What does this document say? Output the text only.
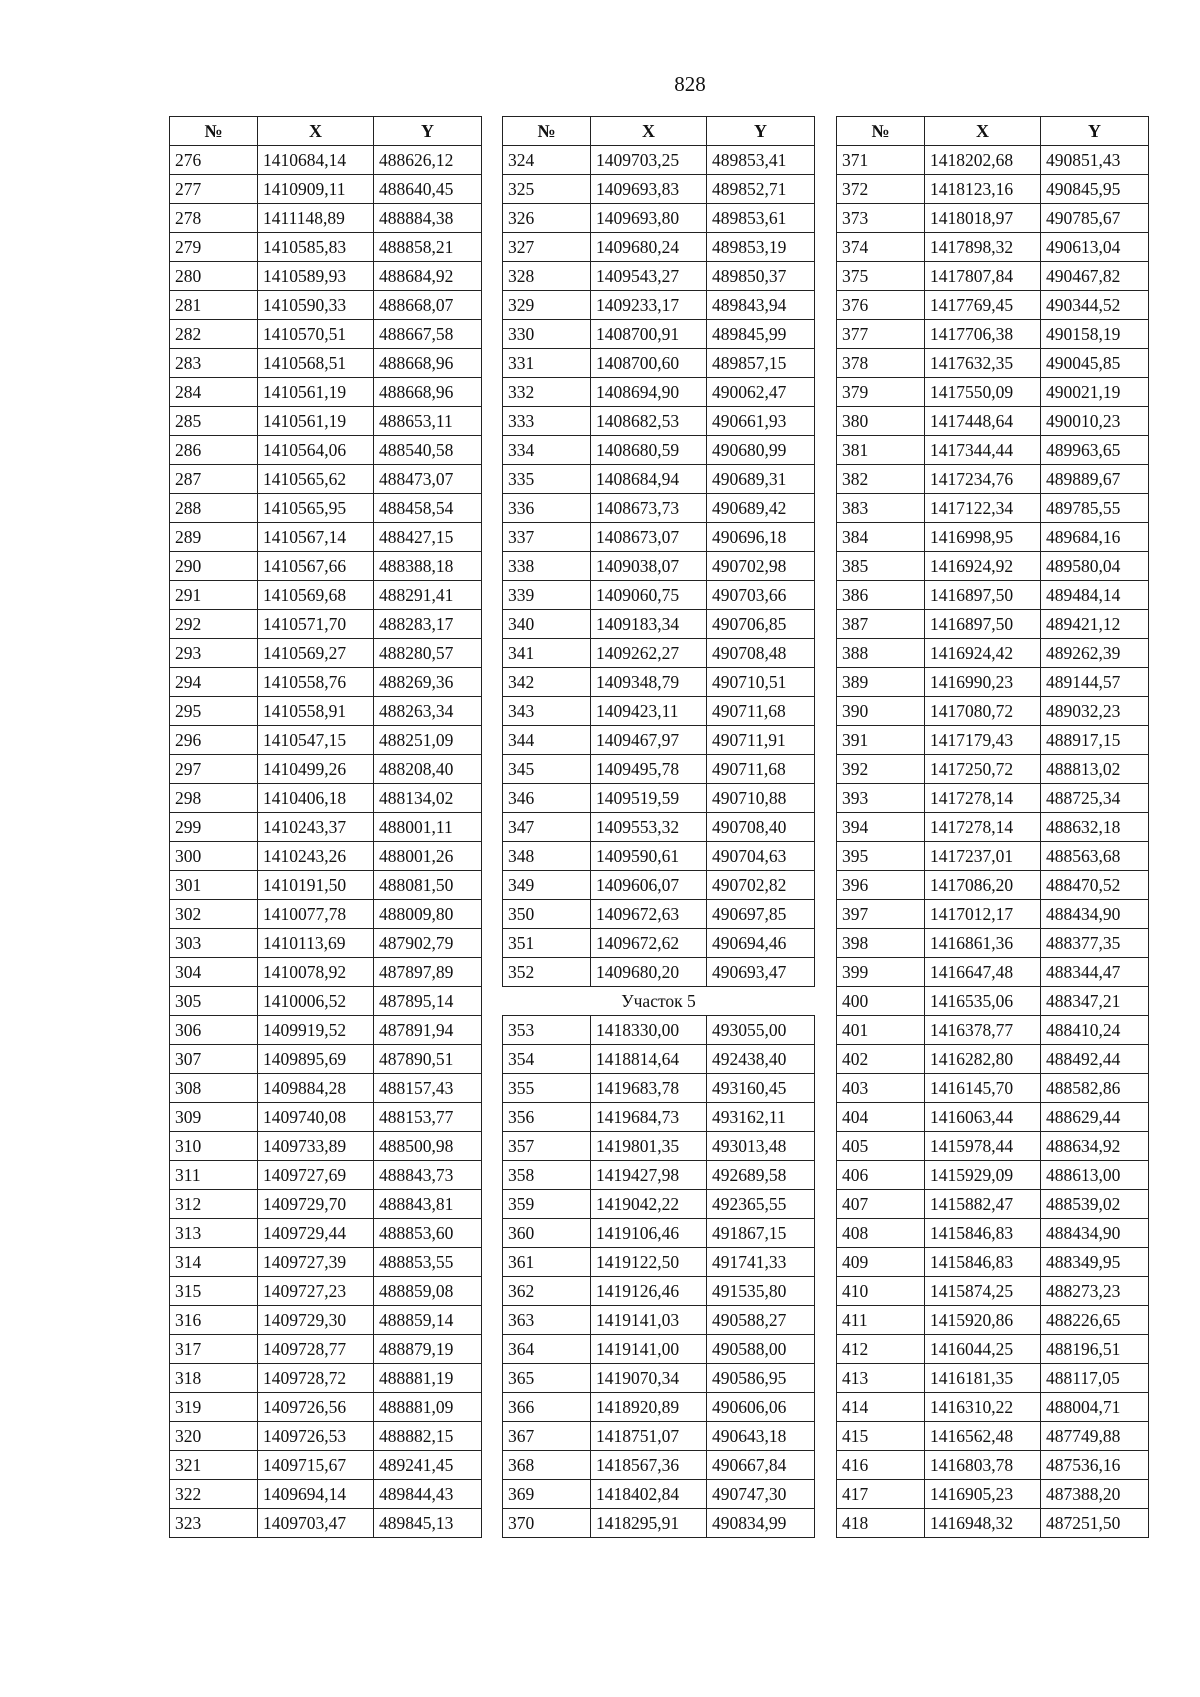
828
№	X	Y
276	1410684,14	488626,12
277	1410909,11	488640,45
278	1411148,89	488884,38
279	1410585,83	488858,21
280	1410589,93	488684,92
281	1410590,33	488668,07
282	1410570,51	488667,58
283	1410568,51	488668,96
284	1410561,19	488668,96
285	1410561,19	488653,11
286	1410564,06	488540,58
287	1410565,62	488473,07
288	1410565,95	488458,54
289	1410567,14	488427,15
290	1410567,66	488388,18
291	1410569,68	488291,41
292	1410571,70	488283,17
293	1410569,27	488280,57
294	1410558,76	488269,36
295	1410558,91	488263,34
296	1410547,15	488251,09
297	1410499,26	488208,40
298	1410406,18	488134,02
299	1410243,37	488001,11
300	1410243,26	488001,26
301	1410191,50	488081,50
302	1410077,78	488009,80
303	1410113,69	487902,79
304	1410078,92	487897,89
305	1410006,52	487895,14
306	1409919,52	487891,94
307	1409895,69	487890,51
308	1409884,28	488157,43
309	1409740,08	488153,77
310	1409733,89	488500,98
311	1409727,69	488843,73
312	1409729,70	488843,81
313	1409729,44	488853,60
314	1409727,39	488853,55
315	1409727,23	488859,08
316	1409729,30	488859,14
317	1409728,77	488879,19
318	1409728,72	488881,19
319	1409726,56	488881,09
320	1409726,53	488882,15
321	1409715,67	489241,45
322	1409694,14	489844,43
323	1409703,47	489845,13
№	X	Y
324	1409703,25	489853,41
325	1409693,83	489852,71
326	1409693,80	489853,61
327	1409680,24	489853,19
328	1409543,27	489850,37
329	1409233,17	489843,94
330	1408700,91	489845,99
331	1408700,60	489857,15
332	1408694,90	490062,47
333	1408682,53	490661,93
334	1408680,59	490680,99
335	1408684,94	490689,31
336	1408673,73	490689,42
337	1408673,07	490696,18
338	1409038,07	490702,98
339	1409060,75	490703,66
340	1409183,34	490706,85
341	1409262,27	490708,48
342	1409348,79	490710,51
343	1409423,11	490711,68
344	1409467,97	490711,91
345	1409495,78	490711,68
346	1409519,59	490710,88
347	1409553,32	490708,40
348	1409590,61	490704,63
349	1409606,07	490702,82
350	1409672,63	490697,85
351	1409672,62	490694,46
352	1409680,20	490693,47
Участок 5		
353	1418330,00	493055,00
354	1418814,64	492438,40
355	1419683,78	493160,45
356	1419684,73	493162,11
357	1419801,35	493013,48
358	1419427,98	492689,58
359	1419042,22	492365,55
360	1419106,46	491867,15
361	1419122,50	491741,33
362	1419126,46	491535,80
363	1419141,03	490588,27
364	1419141,00	490588,00
365	1419070,34	490586,95
366	1418920,89	490606,06
367	1418751,07	490643,18
368	1418567,36	490667,84
369	1418402,84	490747,30
370	1418295,91	490834,99
№	X	Y
371	1418202,68	490851,43
372	1418123,16	490845,95
373	1418018,97	490785,67
374	1417898,32	490613,04
375	1417807,84	490467,82
376	1417769,45	490344,52
377	1417706,38	490158,19
378	1417632,35	490045,85
379	1417550,09	490021,19
380	1417448,64	490010,23
381	1417344,44	489963,65
382	1417234,76	489889,67
383	1417122,34	489785,55
384	1416998,95	489684,16
385	1416924,92	489580,04
386	1416897,50	489484,14
387	1416897,50	489421,12
388	1416924,42	489262,39
389	1416990,23	489144,57
390	1417080,72	489032,23
391	1417179,43	488917,15
392	1417250,72	488813,02
393	1417278,14	488725,34
394	1417278,14	488632,18
395	1417237,01	488563,68
396	1417086,20	488470,52
397	1417012,17	488434,90
398	1416861,36	488377,35
399	1416647,48	488344,47
400	1416535,06	488347,21
401	1416378,77	488410,24
402	1416282,80	488492,44
403	1416145,70	488582,86
404	1416063,44	488629,44
405	1415978,44	488634,92
406	1415929,09	488613,00
407	1415882,47	488539,02
408	1415846,83	488434,90
409	1415846,83	488349,95
410	1415874,25	488273,23
411	1415920,86	488226,65
412	1416044,25	488196,51
413	1416181,35	488117,05
414	1416310,22	488004,71
415	1416562,48	487749,88
416	1416803,78	487536,16
417	1416905,23	487388,20
418	1416948,32	487251,50
